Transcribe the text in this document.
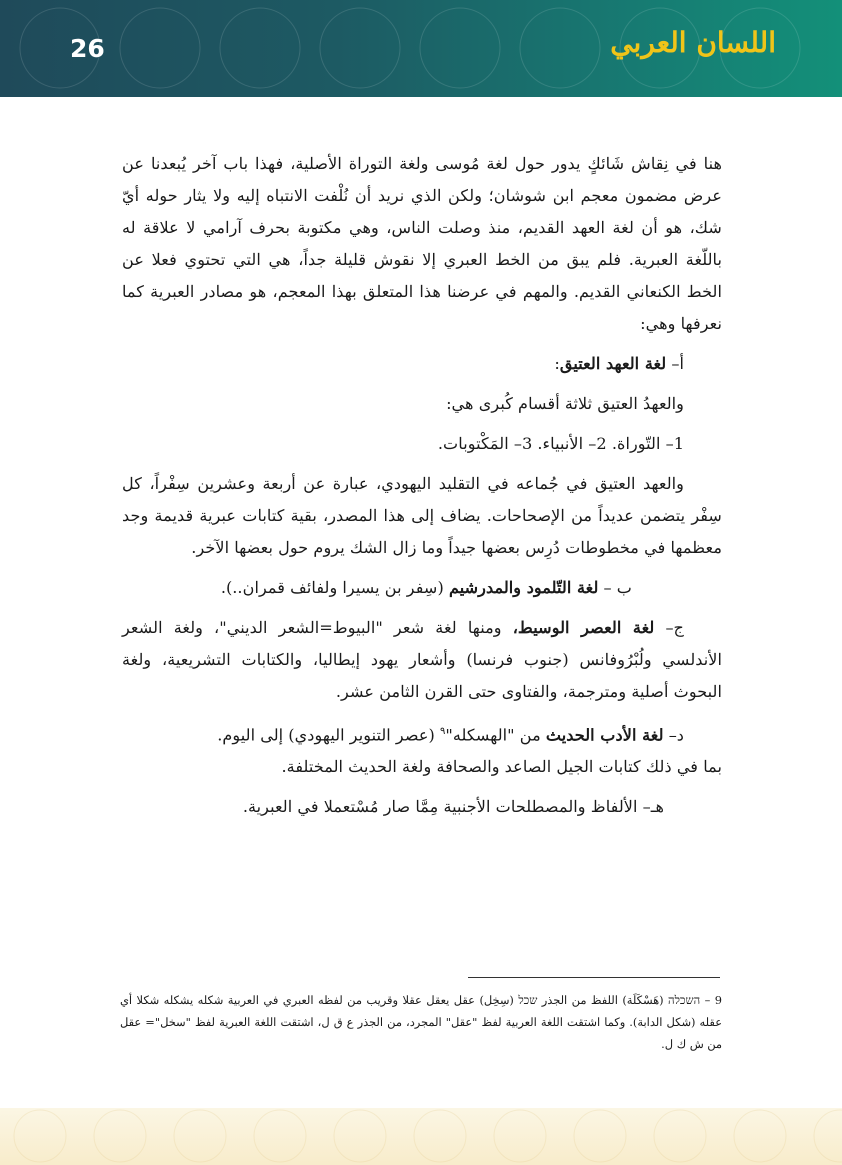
26	اللسان العربي

هنا في نِقاش شَائكٍ يدور حول لغة مُوسى ولغة التوراة الأصلية، فهذا باب آخر يُبعدنا عن عرض مضمون معجم ابن شوشان؛ ولكن الذي نريد أن نُلْفت الانتباه إليه ولا يثار حوله أيّ شك، هو أن لغة العهد القديم، منذ وصلت الناس، وهي مكتوبة بحرف آرامي لا علاقة له باللّغة العبرية. فلم يبق من الخط العبري إلا نقوش قليلة جداً، هي التي تحتوي فعلا عن الخط الكنعاني القديم. والمهم في عرضنا هذا المتعلق بهذا المعجم، هو مصادر العبرية كما نعرفها وهي:

أ– لغة العهد العتيق:

والعهدُ العتيق ثلاثة أقسام كُبرى هي:

1– التّوراة. 2– الأنبياء. 3– المَكْتوبات.

والعهد العتيق في جُماعه في التقليد اليهودي، عبارة عن أربعة وعشرين سِفْراً، كل سِفْر يتضمن عديداً من الإصحاحات. يضاف إلى هذا المصدر، بقية كتابات عبرية قديمة وجد معظمها في مخطوطات دُرِس بعضها جيداً وما زال الشك يروم حول بعضها الآخر.

ب – لغة التّلمود والمدرشيم (سِفر بن يسيرا ولفائف قمران..).

ج– لغة العصر الوسيط، ومنها لغة شعر "البيوط=الشعر الديني"، ولغة الشعر الأندلسي ولُبْرُوفانس (جنوب فرنسا) وأشعار يهود إيطاليا، والكتابات التشريعية، ولغة البحوث أصلية ومترجمة، والفتاوى حتى القرن الثامن عشر.

د– لغة الأدب الحديث من "الهسكله"$^٩$ (عصر التنوير اليهودي) إلى اليوم.

بما في ذلك كتابات الجيل الصاعد والصحافة ولغة الحديث المختلفة.

هـ– الألفاظ والمصطلحات الأجنبية مِمَّا صار مُسْتعملا في العبرية.

9 – השכלה (هَسْكَلَة) اللفظ من الجذر שכל (سِخِل) عقل يعقل عقلا وقريب من لفظه العبري في العربية شكله يشكله شكلا أي عقله (شكل الدابة). وكما اشتقت اللغة العربية لفظ "عقل" المجرد، من الجذر ع ق ل، اشتقت اللغة العبرية لفظ "سخل"= عقل من ش ك ل.
